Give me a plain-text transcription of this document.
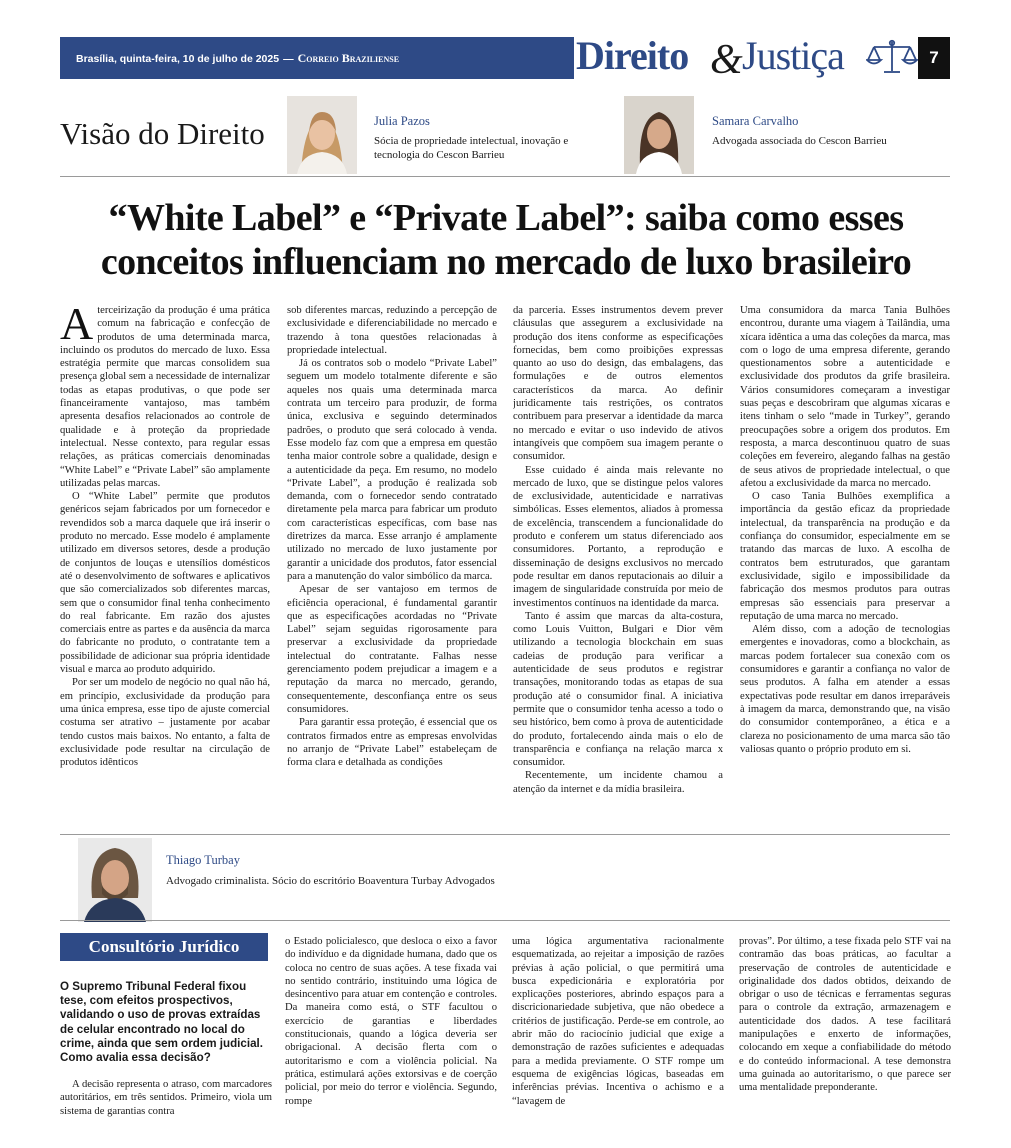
Brasília, quinta-feira, 10 de julho de 2025 — Correio Braziliense	Direito & Justiça	7
Visão do Direito	Julia Pazos
Sócia de propriedade intelectual, inovação e tecnologia do Cescon Barrieu
Samara Carvalho
Advogada associada do Cescon Barrieu
“White Label” e “Private Label”: saiba como esses
conceitos influenciam no mercado de luxo brasileiro

Aterceirização da produção é uma prática comum na fabricação e confecção de produtos de uma determinada marca, incluindo os produtos do mercado de luxo. Essa estratégia permite que marcas consolidem sua presença global sem a necessidade de internalizar todas as etapas produtivas, o que pode ser financeiramente vantajoso, mas também apresenta desafios relacionados ao controle de qualidade e à proteção da propriedade intelectual. Nesse contexto, para regular essas relações, as práticas comerciais denominadas “White Label” e “Private Label” são amplamente utilizadas pelas marcas.

O “White Label” permite que produtos genéricos sejam fabricados por um fornecedor e revendidos sob a marca daquele que irá inserir o produto no mercado. Esse modelo é amplamente utilizado em diversos setores, desde a produção de conjuntos de louças e utensílios domésticos até o desenvolvimento de softwares e aplicativos que são comercializados sob diferentes marcas, sem que o consumidor final tenha conhecimento do real fabricante. Em razão dos ajustes comerciais entre as partes e da ausência da marca do fabricante no produto, o contratante tem a possibilidade de adicionar sua própria identidade visual e marca ao produto adquirido.

Por ser um modelo de negócio no qual não há, em princípio, exclusividade da produção para uma única empresa, esse tipo de ajuste comercial costuma ser atrativo – justamente por acabar tendo custos mais baixos. No entanto, a falta de exclusividade pode resultar na circulação de produtos idênticos

sob diferentes marcas, reduzindo a percepção de exclusividade e diferenciabilidade no mercado e trazendo à tona questões relacionadas à propriedade intelectual.

Já os contratos sob o modelo “Private Label” seguem um modelo totalmente diferente e são aqueles nos quais uma determinada marca contrata um terceiro para produzir, de forma única, exclusiva e seguindo determinados padrões, o produto que será colocado à venda. Esse modelo faz com que a empresa em questão tenha maior controle sobre a qualidade, design e a autenticidade da peça. Em resumo, no modelo “Private Label”, a produção é realizada sob demanda, com o fornecedor sendo contratado diretamente pela marca para fabricar um produto com características específicas, com base nas diretrizes da marca. Esse arranjo é amplamente utilizado no mercado de luxo justamente por garantir a unicidade dos produtos, fator essencial para a manutenção do valor simbólico da marca.

Apesar de ser vantajoso em termos de eficiência operacional, é fundamental garantir que as especificações acordadas no “Private Label” sejam seguidas rigorosamente para preservar a exclusividade da propriedade intelectual do contratante. Falhas nesse gerenciamento podem prejudicar a imagem e a reputação da marca no mercado, gerando, consequentemente, desconfiança entre os seus consumidores.

Para garantir essa proteção, é essencial que os contratos firmados entre as empresas envolvidas no arranjo de “Private Label” estabeleçam de forma clara e detalhada as condições

da parceria. Esses instrumentos devem prever cláusulas que assegurem a exclusividade na produção dos itens conforme as especificações fornecidas, bem como proibições expressas quanto ao uso do design, das embalagens, das formulações e de outros elementos característicos da marca. Ao definir juridicamente tais restrições, os contratos contribuem para preservar a identidade da marca no mercado e evitar o uso indevido de ativos intangíveis que compõem sua imagem perante o consumidor.

Esse cuidado é ainda mais relevante no mercado de luxo, que se distingue pelos valores de exclusividade, autenticidade e narrativas simbólicas. Esses elementos, aliados à promessa de excelência, transcendem a funcionalidade do produto e conferem um status diferenciado aos consumidores. Portanto, a reprodução e disseminação de designs exclusivos no mercado pode resultar em danos reputacionais ao diluir a imagem de singularidade construída por meio de investimentos contínuos na identidade da marca.

Tanto é assim que marcas da alta-costura, como Louis Vuitton, Bulgari e Dior vêm utilizando a tecnologia blockchain em suas cadeias de produção para verificar a autenticidade de seus produtos e registrar transações, monitorando todas as etapas de sua produção até o consumidor final. A iniciativa permite que o consumidor tenha acesso a todo o seu histórico, bem como à prova de autenticidade do produto, fortalecendo ainda mais o elo de transparência e confiança na relação marca x consumidor.

Recentemente, um incidente chamou a atenção da internet e da mídia brasileira.

Uma consumidora da marca Tania Bulhões encontrou, durante uma viagem à Tailândia, uma xícara idêntica a uma das coleções da marca, mas com o logo de uma empresa diferente, gerando questionamentos sobre a autenticidade e exclusividade dos produtos da grife brasileira. Vários consumidores começaram a investigar suas peças e descobriram que algumas xícaras e itens tinham o selo “made in Turkey”, gerando preocupações sobre a origem dos produtos. Em resposta, a marca descontinuou quatro de suas coleções em fevereiro, alegando falhas na gestão de seus ativos de propriedade intelectual, o que afetou a exclusividade da marca no mercado.

O caso Tania Bulhões exemplifica a importância da gestão eficaz da propriedade intelectual, da transparência na produção e da confiança do consumidor, especialmente em se tratando das marcas de luxo. A escolha de contratos bem estruturados, que garantam exclusividade, sigilo e impossibilidade da fabricação dos mesmos produtos para outras empresas são essenciais para preservar a reputação de uma marca no mercado.

Além disso, com a adoção de tecnologias emergentes e inovadoras, como a blockchain, as marcas podem fortalecer sua conexão com os consumidores e garantir a confiança no valor de seus produtos. A falha em atender a essas expectativas pode resultar em danos irreparáveis à imagem da marca, demonstrando que, na visão do consumidor contemporâneo, a ética e a clareza no posicionamento de uma marca são tão valiosas quanto o próprio produto em si.

Thiago Turbay
Advogado criminalista. Sócio do escritório Boaventura Turbay Advogados
Consultório Jurídico
O Supremo Tribunal Federal fixou tese, com efeitos prospectivos, validando o uso de provas extraídas de celular encontrado no local do crime, ainda que sem ordem judicial. Como avalia essa decisão?

A decisão representa o atraso, com marcadores autoritários, em três sentidos. Primeiro, viola um sistema de garantias contra

o Estado policialesco, que desloca o eixo a favor do indivíduo e da dignidade humana, dado que os coloca no centro de suas ações. A tese fixada vai no sentido contrário, instituindo uma lógica de desincentivo para atuar em contenção e controles. Da maneira como está, o STF facultou o exercício de garantias e liberdades constitucionais, quando a lógica deveria ser obrigacional. A decisão flerta com o autoritarismo e com a violência policial. Na prática, estimulará ações extorsivas e de coerção policial, por meio do terror e violência. Segundo, rompe

uma lógica argumentativa racionalmente esquematizada, ao rejeitar a imposição de razões prévias à ação policial, o que permitirá uma busca expedicionária e exploratória por explicações posteriores, abrindo espaços para a discricionariedade subjetiva, que não obedece a critérios de justificação. Perde-se em controle, ao abrir mão do raciocínio judicial que exige a demonstração de razões suficientes e adequadas para a medida previamente. O STF rompe um esquema de exigências lógicas, baseadas em inferências prévias. Incentiva o achismo e a “lavagem de

provas”. Por último, a tese fixada pelo STF vai na contramão das boas práticas, ao facultar a preservação de controles de autenticidade e originalidade dos dados obtidos, deixando de obrigar o uso de técnicas e ferramentas seguras para o controle da extração, armazenagem e autenticidade dos dados. A tese facilitará manipulações e enxerto de informações, colocando em xeque a confiabilidade do método e do conteúdo informacional. A tese demonstra uma guinada ao autoritarismo, o que parece ser uma mentalidade preponderante.
